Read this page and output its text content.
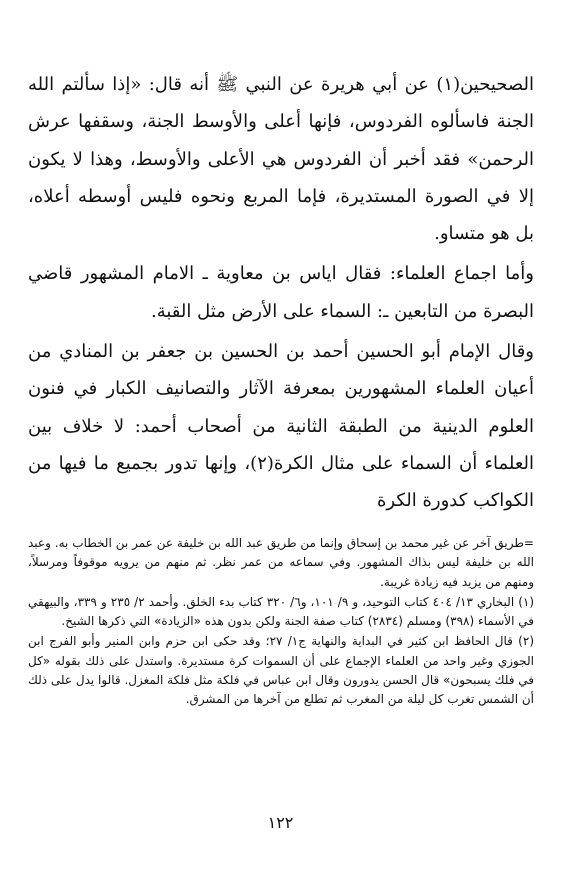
الصحيحين(١) عن أبي هريرة عن النبي ﷺ أنه قال: «إذا سألتم الله الجنة فاسألوه الفردوس، فإنها أعلى والأوسط الجنة، وسقفها عرش الرحمن» فقد أخبر أن الفردوس هي الأعلى والأوسط، وهذا لا يكون إلا في الصورة المستديرة، فإما المربع ونحوه فليس أوسطه أعلاه، بل هو متساو.

وأما اجماع العلماء: فقال اياس بن معاوية ـ الامام المشهور قاضي البصرة من التابعين ـ: السماء على الأرض مثل القبة.

وقال الإمام أبو الحسين أحمد بن الحسين بن جعفر بن المنادي من أعيان العلماء المشهورين بمعرفة الآثار والتصانيف الكبار في فنون العلوم الدينية من الطبقة الثانية من أصحاب أحمد: لا خلاف بين العلماء أن السماء على مثال الكرة(٢)، وإنها تدور بجميع ما فيها من الكواكب كدورة الكرة

=طريق آخر عن غير محمد بن إسحاق وإنما من طريق عبد الله بن خليفة عن عمر بن الخطاب به. وعبد الله بن خليفة ليس بذاك المشهور. وفي سماعه من عمر نظر. ثم منهم من يرويه موقوفاً ومرسلاً، ومنهم من يزيد فيه زيادة غريبة.

(١) البخاري ١٣/ ٤٠٤ كتاب التوحيد، و ٩/ ١٠١، و٦/ ٣٢٠ كتاب بدء الخلق. وأحمد ٢/ ٢٣٥ و ٣٣٩، والبيهقي في الأسماء (٣٩٨) ومسلم (٢٨٣٤) كتاب صفة الجنة ولكن بدون هذه «الزيادة» التي ذكرها الشيخ.

(٢) قال الحافظ ابن كثير في البداية والنهاية ج١/ ٢٧؛ وقد حكى ابن حزم وابن المنير وأبو الفرج ابن الجوزي وغير واحد من العلماء الإجماع على أن السموات كرة مستديرة. واستدل على ذلك بقوله «كل في فلك يسبحون» قال الحسن يدورون وقال ابن عباس في فلكة مثل فلكة المغزل. قالوا يدل على ذلك أن الشمس تغرب كل ليلة من المغرب ثم تطلع من آخرها من المشرق.

١٢٢
